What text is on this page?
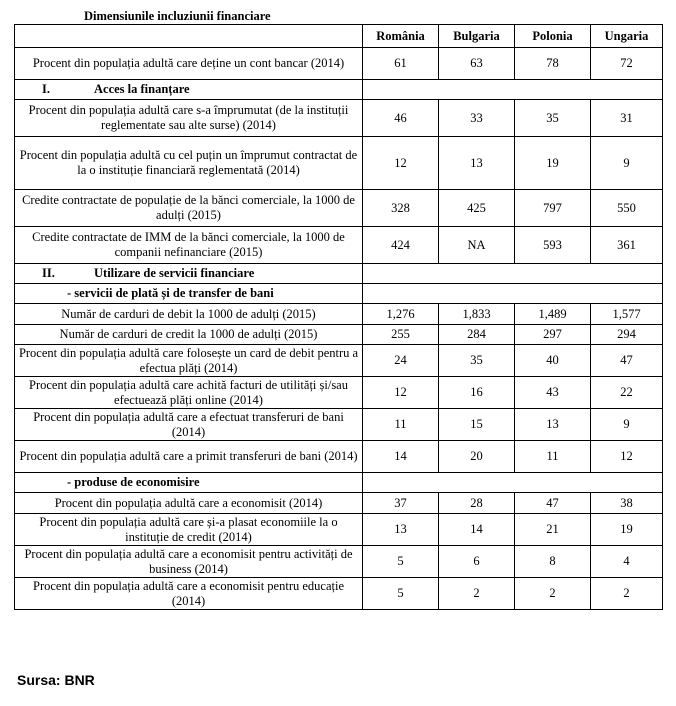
Dimensiunile incluziunii financiare
	România	Bulgaria	Polonia	Ungaria
Procent din populația adultă care deține un cont bancar (2014)	61	63	78	72
I. Acces la finanțare				
Procent din populația adultă care s-a împrumutat (de la instituții reglementate sau alte surse) (2014)	46	33	35	31
Procent din populația adultă cu cel puțin un împrumut contractat de la o instituție financiară reglementată (2014)	12	13	19	9
Credite contractate de populație de la bănci comerciale, la 1000 de adulți (2015)	328	425	797	550
Credite contractate de IMM de la bănci comerciale, la 1000 de companii nefinanciare (2015)	424	NA	593	361
II. Utilizare de servicii financiare				
- servicii de plată și de transfer de bani				
Număr de carduri de debit la 1000 de adulți (2015)	1,276	1,833	1,489	1,577
Număr de carduri de credit la 1000 de adulți (2015)	255	284	297	294
Procent din populația adultă care folosește un card de debit pentru a efectua plăți (2014)	24	35	40	47
Procent din populația adultă care achită facturi de utilități și/sau efectuează plăți online (2014)	12	16	43	22
Procent din populația adultă care a efectuat transferuri de bani (2014)	11	15	13	9
Procent din populația adultă care a primit transferuri de bani (2014)	14	20	11	12
- produse de economisire				
Procent din populația adultă care a economisit (2014)	37	28	47	38
Procent din populația adultă care și-a plasat economiile la o instituție de credit (2014)	13	14	21	19
Procent din populația adultă care a economisit pentru activități de business (2014)	5	6	8	4
Procent din populația adultă care a economisit pentru educație (2014)	5	2	2	2
Sursa: BNR
